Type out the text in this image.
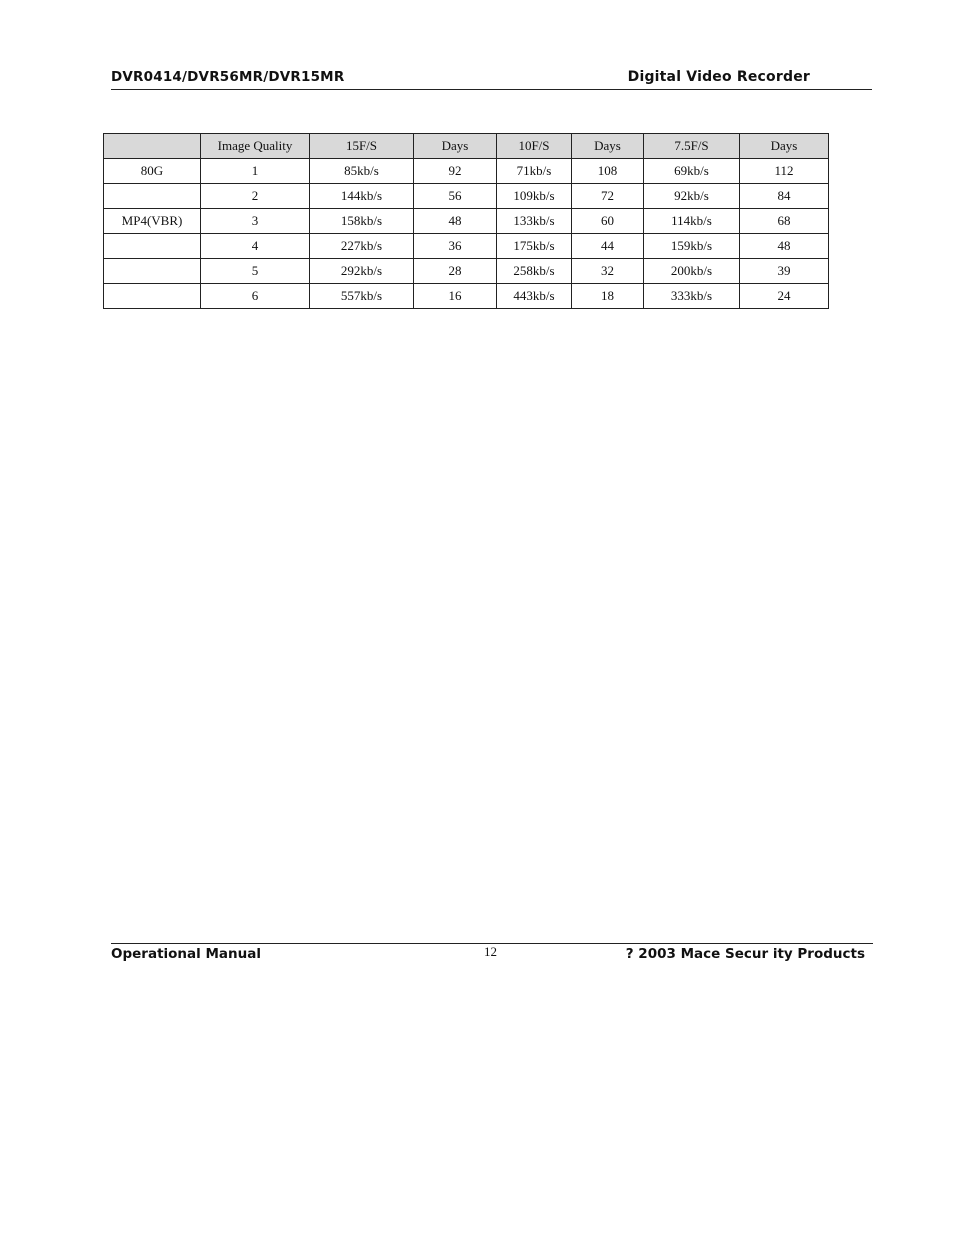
DVR0414/DVR56MR/DVR15MR	Digital Video Recorder
	Image Quality	15F/S	Days	10F/S	Days	7.5F/S	Days
80G	1	85kb/s	92	71kb/s	108	69kb/s	112
	2	144kb/s	56	109kb/s	72	92kb/s	84
MP4(VBR)	3	158kb/s	48	133kb/s	60	114kb/s	68
	4	227kb/s	36	175kb/s	44	159kb/s	48
	5	292kb/s	28	258kb/s	32	200kb/s	39
	6	557kb/s	16	443kb/s	18	333kb/s	24
Operational Manual	12	? 2003 Mace Secur ity Products
